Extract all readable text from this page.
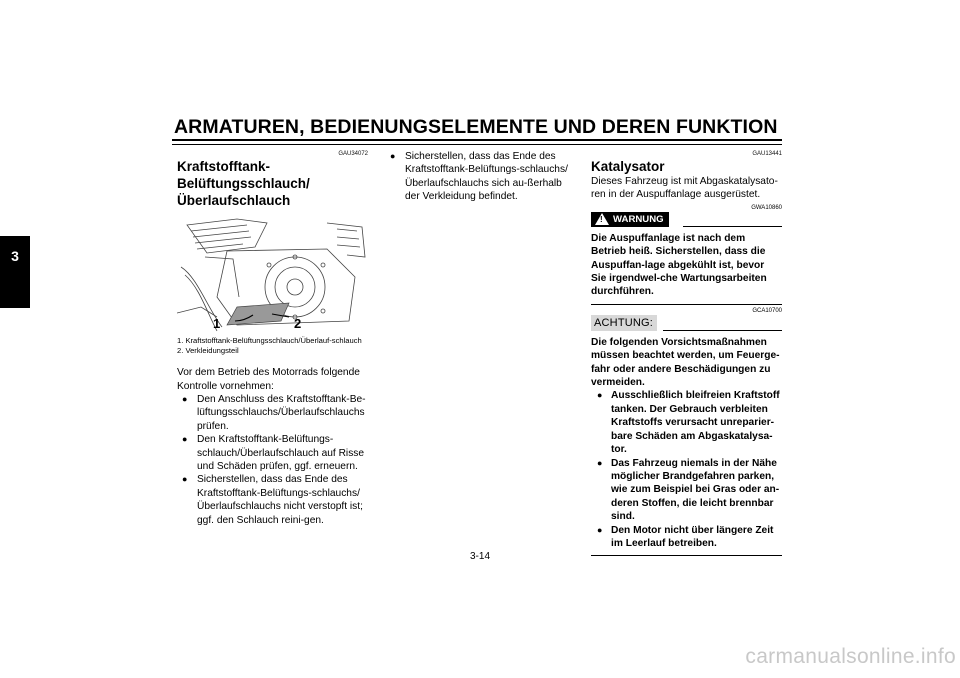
ARMATUREN, BEDIENUNGSELEMENTE UND DEREN FUNKTION
3
GAU34072
Kraftstofftank-Belüftungsschlauch/Überlaufschlauch
1	2
1. Kraftstofftank-Belüftungsschlauch/Überlauf-schlauch
2. Verkleidungsteil
Vor dem Betrieb des Motorrads folgende Kontrolle vornehmen:
● Den Anschluss des Kraftstofftank-Be-lüftungsschlauchs/Überlaufschlauchs prüfen.
● Den Kraftstofftank-Belüftungs-schlauch/Überlaufschlauch auf Risse und Schäden prüfen, ggf. erneuern.
● Sicherstellen, dass das Ende des Kraftstofftank-Belüftungs-schlauchs/Überlaufschlauchs nicht verstopft ist; ggf. den Schlauch reini-gen.
● Sicherstellen, dass das Ende des Kraftstofftank-Belüftungs-schlauchs/Überlaufschlauchs sich au-ßerhalb der Verkleidung befindet.
GAU13441
Katalysator
Dieses Fahrzeug ist mit Abgaskatalysato-ren in der Auspuffanlage ausgerüstet.
GWA10860
! WARNUNG
Die Auspuffanlage ist nach dem Betrieb heiß. Sicherstellen, dass die Auspuffan-lage abgekühlt ist, bevor Sie irgendwel-che Wartungsarbeiten durchführen.
GCA10700
ACHTUNG:
Die folgenden Vorsichtsmaßnahmen müssen beachtet werden, um Feuerge-fahr oder andere Beschädigungen zu vermeiden.
● Ausschließlich bleifreien Kraftstoff tanken. Der Gebrauch verbleiten Kraftstoffs verursacht unreparier-bare Schäden am Abgaskatalysa-tor.
● Das Fahrzeug niemals in der Nähe möglicher Brandgefahren parken, wie zum Beispiel bei Gras oder an-deren Stoffen, die leicht brennbar sind.
● Den Motor nicht über längere Zeit im Leerlauf betreiben.
3-14
carmanualsonline.info
